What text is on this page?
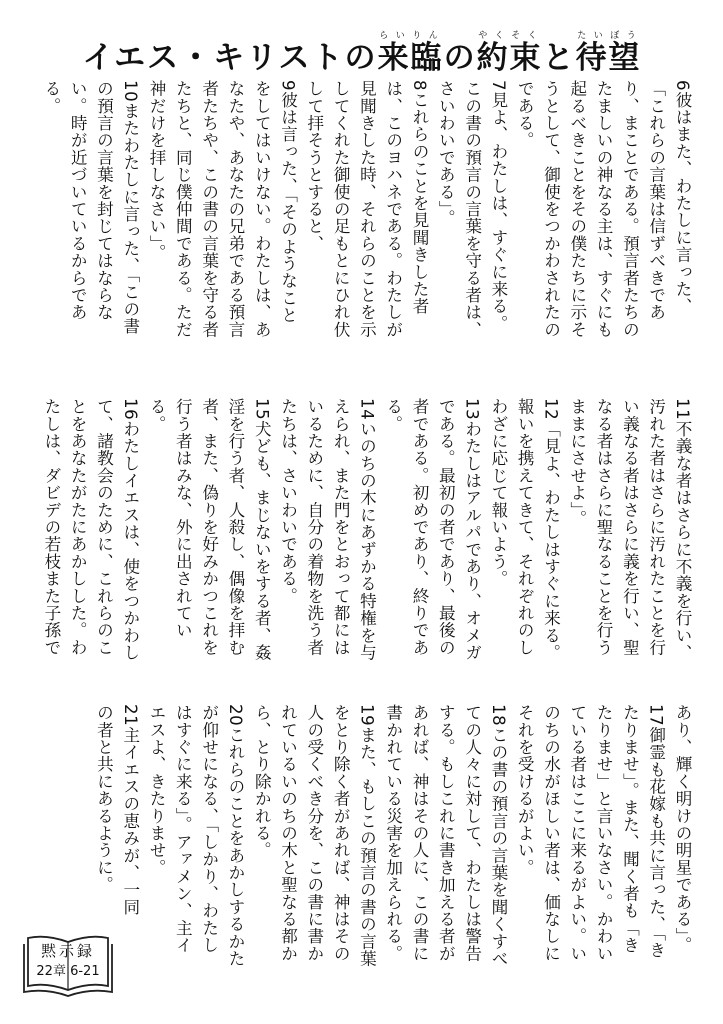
イエス・キリストの 来臨らいりんの約束やくそくと待望たいぼう
6彼はまた、わたしに言った、
「これらの言葉は信ずべきであ
り、まことである。預言者たちの
たましいの神なる主は、すぐにも
起るべきことをその僕たちに示そ
うとして、御使をつかわされたの
である。
7見よ、わたしは、すぐに来る。
この書の預言の言葉を守る者は、
さいわいである」。
8これらのことを見聞きした者
は、このヨハネである。わたしが
見聞きした時、それらのことを示
してくれた御使の足もとにひれ伏
して拝そうとすると、
9彼は言った、「そのようなこと
をしてはいけない。わたしは、あ
なたや、あなたの兄弟である預言
者たちや、この書の言葉を守る者
たちと、同じ僕仲間である。ただ
神だけを拝しなさい」。
10またわたしに言った、「この書
の預言の言葉を封じてはならな
い。時が近づいているからであ
る。
11不義な者はさらに不義を行い、
汚れた者はさらに汚れたことを行
い義なる者はさらに義を行い、聖
なる者はさらに聖なることを行う
ままにさせよ」。
12「見よ、わたしはすぐに来る。
報いを携えてきて、それぞれのし
わざに応じて報いよう。
13わたしはアルパであり、オメガ
である。最初の者であり、最後の
者である。初めであり、終りであ
る。
14いのちの木にあずかる特権を与
えられ、また門をとおって都には
いるために、自分の着物を洗う者
たちは、さいわいである。
15犬ども、まじないをする者、姦
淫を行う者、人殺し、偶像を拝む
者、また、偽りを好みかつこれを
行う者はみな、外に出されてい
る。
16わたしイエスは、使をつかわし
て、諸教会のために、これらのこ
とをあなたがたにあかしした。わ
たしは、ダビデの若枝また子孫で
あり、輝く明けの明星である」。
17御霊も花嫁も共に言った、「き
たりませ」。また、聞く者も「き
たりませ」と言いなさい。かわい
ている者はここに来るがよい。い
のちの水がほしい者は、価なしに
それを受けるがよい。
18この書の預言の言葉を聞くすべ
ての人々に対して、わたしは警告
する。もしこれに書き加える者が
あれば、神はその人に、この書に
書かれている災害を加えられる。
19また、もしこの預言の書の言葉
をとり除く者があれば、神はその
人の受くべき分を、この書に書か
れているいのちの木と聖なる都か
ら、とり除かれる。
20これらのことをあかしするかた
が仰せになる、「しかり、わたし
はすぐに来る」。アァメン、主イ
エスよ、きたりませ。
21主イエスの恵みが、一同
の者と共にあるように。
黙示録
22章 6-21
